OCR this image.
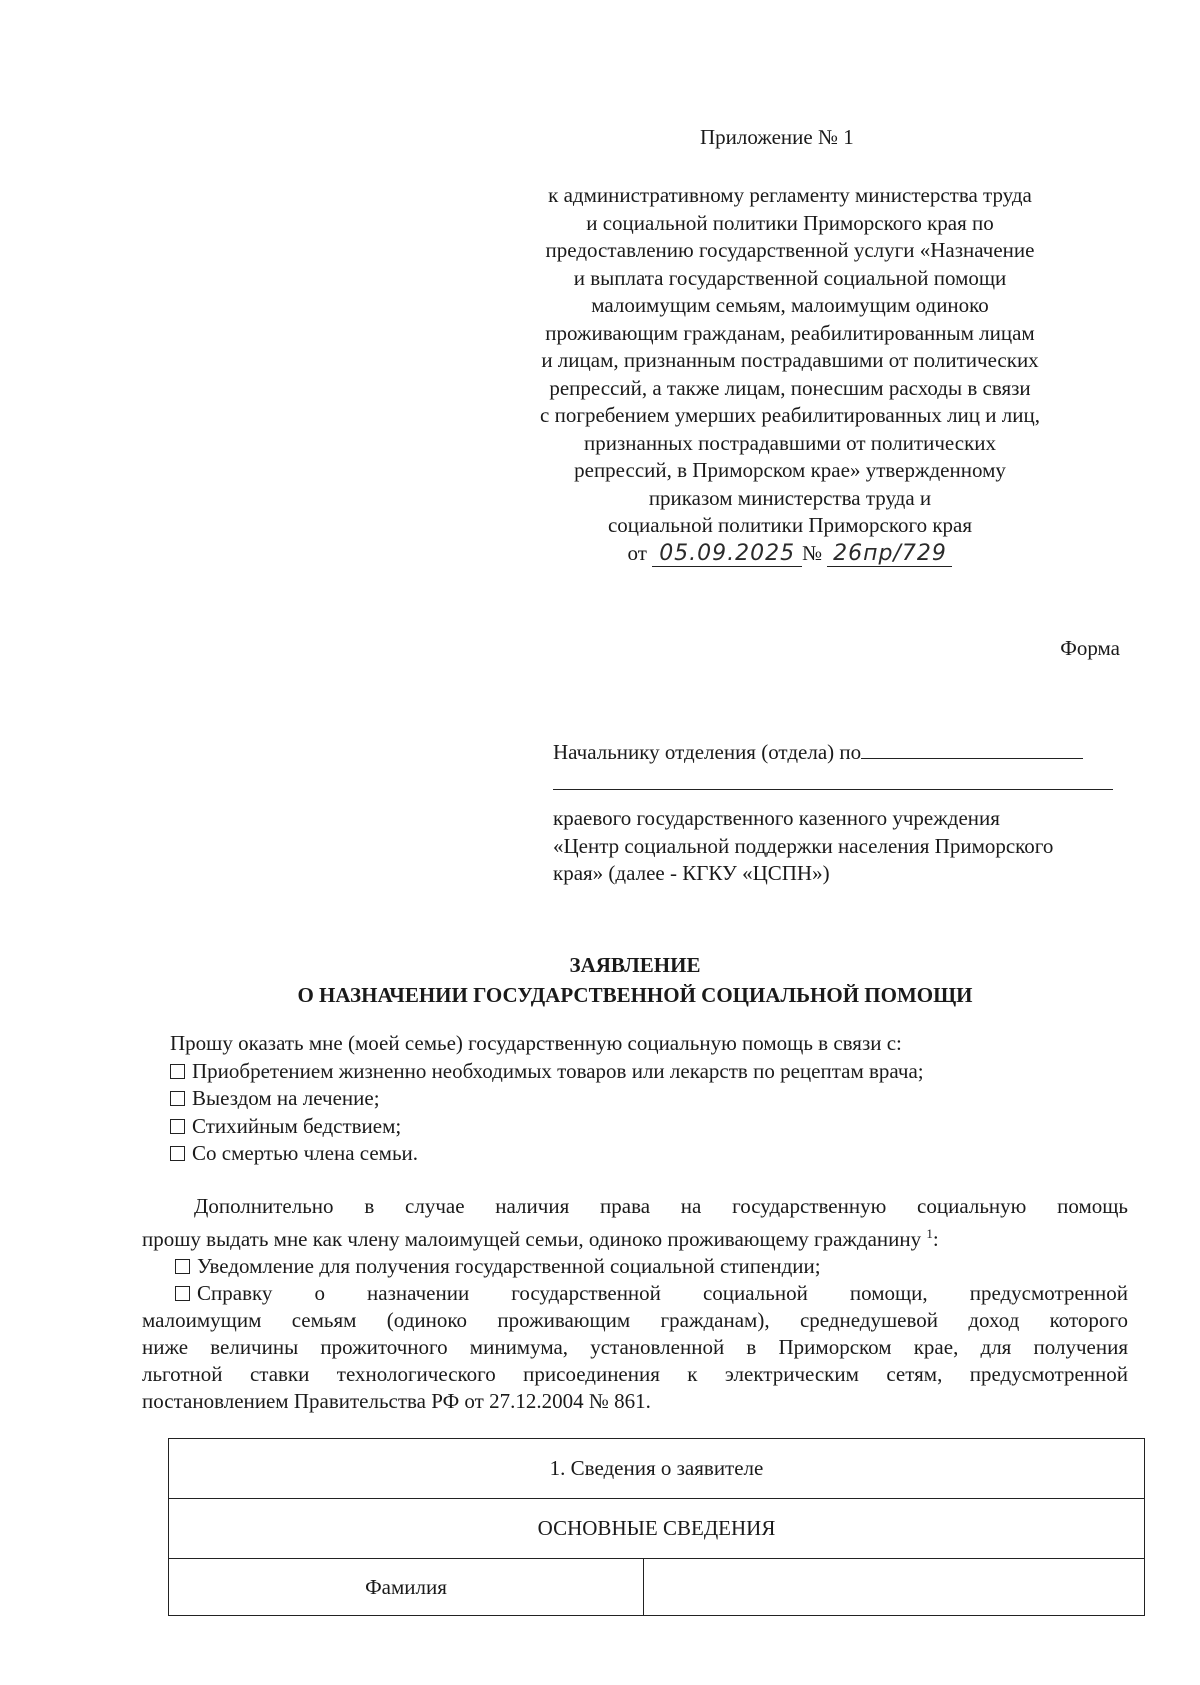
Приложение № 1
к административному регламенту министерства труда
и социальной политики Приморского края по
предоставлению государственной услуги «Назначение
и выплата государственной социальной помощи
малоимущим семьям, малоимущим одиноко
проживающим гражданам, реабилитированным лицам
и лицам, признанным пострадавшими от политических
репрессий, а также лицам, понесшим расходы в связи
с погребением умерших реабилитированных лиц и лиц,
признанных пострадавшими от политических
репрессий, в Приморском крае» утвержденному
приказом министерства труда и
социальной политики Приморского края
от 05.09.2025 № 26пр/729
Форма
Начальнику отделения (отдела) по
краевого государственного казенного учреждения
«Центр социальной поддержки населения Приморского
края» (далее - КГКУ «ЦСПН»)
ЗАЯВЛЕНИЕ
О НАЗНАЧЕНИИ ГОСУДАРСТВЕННОЙ СОЦИАЛЬНОЙ ПОМОЩИ
Прошу оказать мне (моей семье) государственную социальную помощь в связи с:
Приобретением жизненно необходимых товаров или лекарств по рецептам врача;
Выездом на лечение;
Стихийным бедствием;
Со смертью члена семьи.
Дополнительно в случае наличия права на государственную социальную помощь
прошу выдать мне как члену малоимущей семьи, одиноко проживающему гражданину $^1$:
Уведомление для получения государственной социальной стипендии;
Справку о назначении государственной социальной помощи, предусмотренной
малоимущим семьям (одиноко проживающим гражданам), среднедушевой доход которого
ниже величины прожиточного минимума, установленной в Приморском крае, для получения
льготной ставки технологического присоединения к электрическим сетям, предусмотренной
постановлением Правительства РФ от 27.12.2004 № 861.
1. Сведения о заявителе
ОСНОВНЫЕ СВЕДЕНИЯ
Фамилия	
